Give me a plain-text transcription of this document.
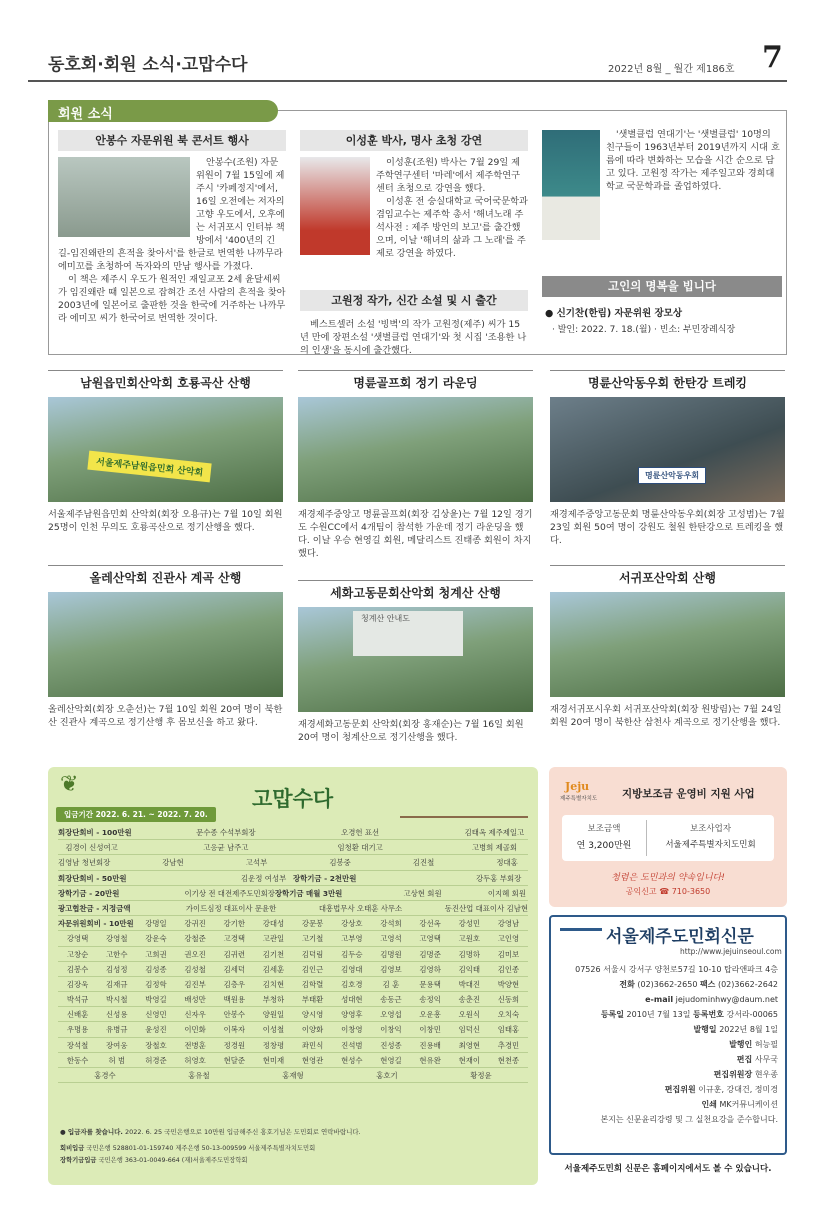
동호회·회원 소식·고맙수다	2022년 8월 _ 월간 제186호 7
회원 소식
안봉수 자문위원 북 콘서트 행사
안봉수(조원) 자문위원이 7월 15일에 제주시 '카페정지'에서, 16일 오전에는 저자의 고향 우도에서, 오후에는 서귀포시 인터뷰 책방에서 '400년의 긴 길-임진왜란의 흔적을 찾아서'를 한글로 번역한 나까무라 에미꼬를 초청하여 독자와의 만남 행사를 가졌다.
이 책은 제주시 우도가 원적인 재일교포 2세 윤달세씨가 임진왜란 때 일본으로 잡혀간 조선 사람의 흔적을 찾아 2003년에 일본어로 출판한 것을 한국에 거주하는 나까무라 에미꼬 씨가 한국어로 번역한 것이다.
이성훈 박사, 명사 초청 강연
이성훈(조원) 박사는 7월 29일 제주학연구센터 '마레'에서 제주학연구센터 초청으로 강연을 했다.
이성훈 전 숭실대학교 국어국문학과 겸임교수는 제주학 총서 '해녀노래 주석사전 : 제주 방언의 보고'를 출간했으며, 이날 '해녀의 삶과 그 노래'를 주제로 강연을 하였다.
고원정 작가, 신간 소설 및 시 출간
베스트셀러 소설 '빙벽'의 작가 고원정(제주) 씨가 15년 만에 장편소설 '샛별클럽 연대기'와 첫 시집 '조용한 나의 인생'을 동시에 출간했다.
'샛별클럽 연대기'는 '샛별클럽' 10명의 친구들이 1963년부터 2019년까지 시대 흐름에 따라 변화하는 모습을 시간 순으로 담고 있다. 고원정 작가는 제주일고와 경희대학교 국문학과를 졸업하였다.
고인의 명복을 빕니다
● 신기찬(한림) 자문위원 장모상
· 발인: 2022. 7. 18.(월) · 빈소: 부민장례식장
남원읍민회산악회 호룡곡산 산행
서울제주남원읍민회 산악회
서울제주남원읍민회 산악회(회장 오용규)는 7월 10일 회원 25명이 인천 무의도 호룡곡산으로 정기산행을 했다.
명륜골프회 정기 라운딩
재경제주중앙고 명륜골프회(회장 김상윤)는 7월 12일 경기도 수원CC에서 4개팀이 참석한 가운데 정기 라운딩을 했다. 이날 우승 현영길 회원, 메달리스트 진태종 회원이 차지했다.
명륜산악동우회 한탄강 트레킹
명륜산악동우회
재경제주중앙고동문회 명륜산악동우회(회장 고성범)는 7월 23일 회원 50여 명이 강원도 철원 한탄강으로 트레킹을 했다.
올레산악회 진관사 계곡 산행
올레산악회(회장 오춘선)는 7월 10일 회원 20여 명이 북한산 진관사 계곡으로 정기산행 후 몸보신을 하고 왔다.
세화고동문회산악회 청계산 산행
청계산 안내도
재경세화고동문회 산악회(회장 홍재순)는 7월 16일 회원 20여 명이 청계산으로 정기산행을 했다.
서귀포산악회 산행
재경서귀포시우회 서귀포산악회(회장 원방림)는 7월 24일 회원 20여 명이 북한산 삼천사 계곡으로 정기산행을 했다.
❦
고맙수다
입금기간 2022. 6. 21. ~ 2022. 7. 20.
회장단회비 - 100만원	문수종 수석부회장	오경헌 표선	김태옥 제주제일고
김경이 신성여고	고응균 남주고	임청환 대기고	고병희 제골회
김영남 청년회장	강남현	고석부	김봉중	김진철	정대홍
회장단회비 - 50만원	김운정 여성부 장학기금 - 2천만원	강두홍 부회장
장학기금 - 20만원	이기상 전 대전제주도민회장 장학기금 매월 3만원	고상현 회원	이지혜 회원
광고협찬금 - 지정금액	가이드심정 대표이사 문윤한	대흥법무사 오태훈 사무소	동진산업 대표이사 김남현
자문위원회비 - 10만원	강명일	강귀진	강기한	강대성	강문봉	강상호	강석희	강선옥	강성민	강영남
강영택	강영철	강운숙	강철준	고경택	고관일	고기철	고부영	고영석	고영택	고원호	고인영
고창순	고한수	고희권	권오진	김귀련	김기천	김덕림	김두승	김명원	김명준	김명하	김미보
김봉수	김성정	김성종	김성철	김세덕	김세훈	김인근	김영대	김영보	김영하	김익태	김인종
김장욱	김재규	김정학	김진부	김층우	김치현	김학렬	김호경	김 훈	문용택	박대진	박양현
박석규	박시철	박영길	배성만	백원용	부청하	부태환	성대현	송동근	송정익	송춘진	신동희
신배훈	신성용	신영민	신자우	안봉수	양원일	양시영	양영후	오영섭	오운흥	오원식	오치숙
우명용	유병규	윤성진	이민화	이복자	이성철	이양화	이창영	이창익	이창민	임덕신	임태홍
장석철	장여웅	장철호	전병훈	정경원	정창평	좌민식	진석범	진성종	진용배	최영현	추경민
한동수	허 범	허경준	허영호	현달준	현미재	현영관	현성수	현영길	현유완	현재이	현천종
홍경수	홍유철	홍재형	홍호기	황정윤
● 입금자를 찾습니다. 2022. 6. 25 국민은행으로 10만원 입금해주신 홍호기님은 도민회로 연락바랍니다.
회비입금 국민은행 528801-01-159740 제주은행 50-13-009599 서울제주특별자치도민회
장학기금입금 국민은행 363-01-0049-664 (재)서울제주도민장학회
Jeju
제주특별자치도 지방보조금 운영비 지원 사업
보조금액
연 3,200만원
보조사업자
서울제주특별자치도민회
청렴은 도민과의 약속입니다!
공익신고 ☎ 710-3650
서울제주도민회신문
http://www.jejuinseoul.com
07526 서울시 강서구 양천로57길 10-10 탑라앤파크 4층
전화 (02)3662-2650 팩스 (02)3662-2642
e-mail jejudominhwy@daum.net
등록일 2010년 7월 13일 등록번호 강서라-00065
발행일 2022년 8월 1일
발행인 허능필
편집 사무국
편집위원장 현우종
편집위원 이규훈, 강대건, 정미경
인쇄 MK커뮤니케이션
본지는 신문윤리강령 및 그 실천요강을 준수합니다.
서울제주도민회 신문은 홈페이지에서도 볼 수 있습니다.
